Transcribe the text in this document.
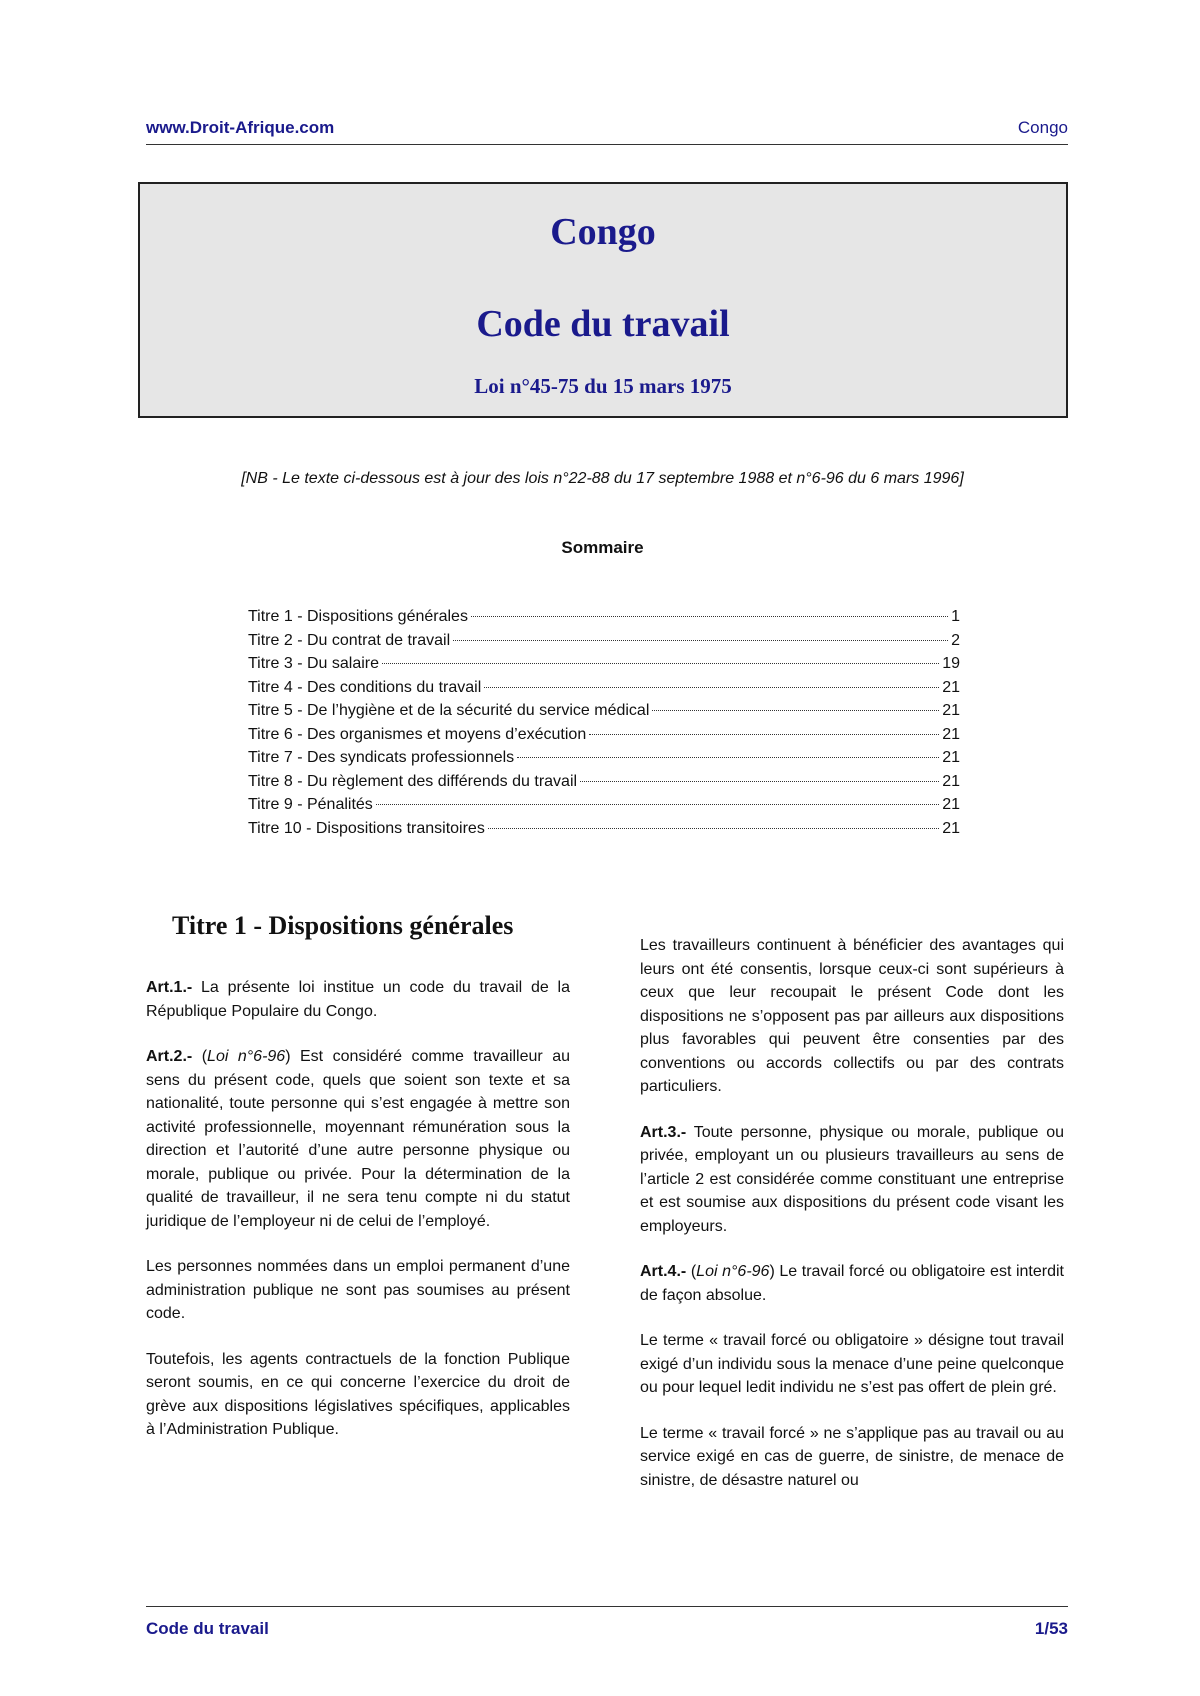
www.Droit-Afrique.com	Congo
Congo
Code du travail
Loi n°45-75 du 15 mars 1975
[NB - Le texte ci-dessous est à jour des lois n°22-88 du 17 septembre 1988 et n°6-96 du 6 mars 1996]
Sommaire
Titre 1 - Dispositions générales	1
Titre 2 - Du contrat de travail	2
Titre 3 - Du salaire	19
Titre 4 - Des conditions du travail	21
Titre 5 - De l’hygiène et de la sécurité du service médical	21
Titre 6 - Des organismes et moyens d’exécution	21
Titre 7 - Des syndicats professionnels	21
Titre 8 - Du règlement des différends du travail	21
Titre 9 - Pénalités	21
Titre 10 - Dispositions transitoires	21
Titre 1 - Dispositions générales

Art.1.- La présente loi institue un code du travail de la République Populaire du Congo.

Art.2.- (Loi n°6-96) Est considéré comme travailleur au sens du présent code, quels que soient son texte et sa nationalité, toute personne qui s’est engagée à mettre son activité professionnelle, moyennant rémunération sous la direction et l’autorité d’une autre personne physique ou morale, publique ou privée. Pour la détermination de la qualité de travailleur, il ne sera tenu compte ni du statut juridique de l’employeur ni de celui de l’employé.

Les personnes nommées dans un emploi permanent d’une administration publique ne sont pas soumises au présent code.

Toutefois, les agents contractuels de la fonction Publique seront soumis, en ce qui concerne l’exercice du droit de grève aux dispositions législatives spécifiques, applicables à l’Administration Publique.

Les travailleurs continuent à bénéficier des avantages qui leurs ont été consentis, lorsque ceux-ci sont supérieurs à ceux que leur recoupait le présent Code dont les dispositions ne s’opposent pas par ailleurs aux dispositions plus favorables qui peuvent être consenties par des conventions ou accords collectifs ou par des contrats particuliers.

Art.3.- Toute personne, physique ou morale, publique ou privée, employant un ou plusieurs travailleurs au sens de l’article 2 est considérée comme constituant une entreprise et est soumise aux dispositions du présent code visant les employeurs.

Art.4.- (Loi n°6-96) Le travail forcé ou obligatoire est interdit de façon absolue.

Le terme « travail forcé ou obligatoire » désigne tout travail exigé d’un individu sous la menace d’une peine quelconque ou pour lequel ledit individu ne s’est pas offert de plein gré.

Le terme « travail forcé » ne s’applique pas au travail ou au service exigé en cas de guerre, de sinistre, de menace de sinistre, de désastre naturel ou

Code du travail	1/53
